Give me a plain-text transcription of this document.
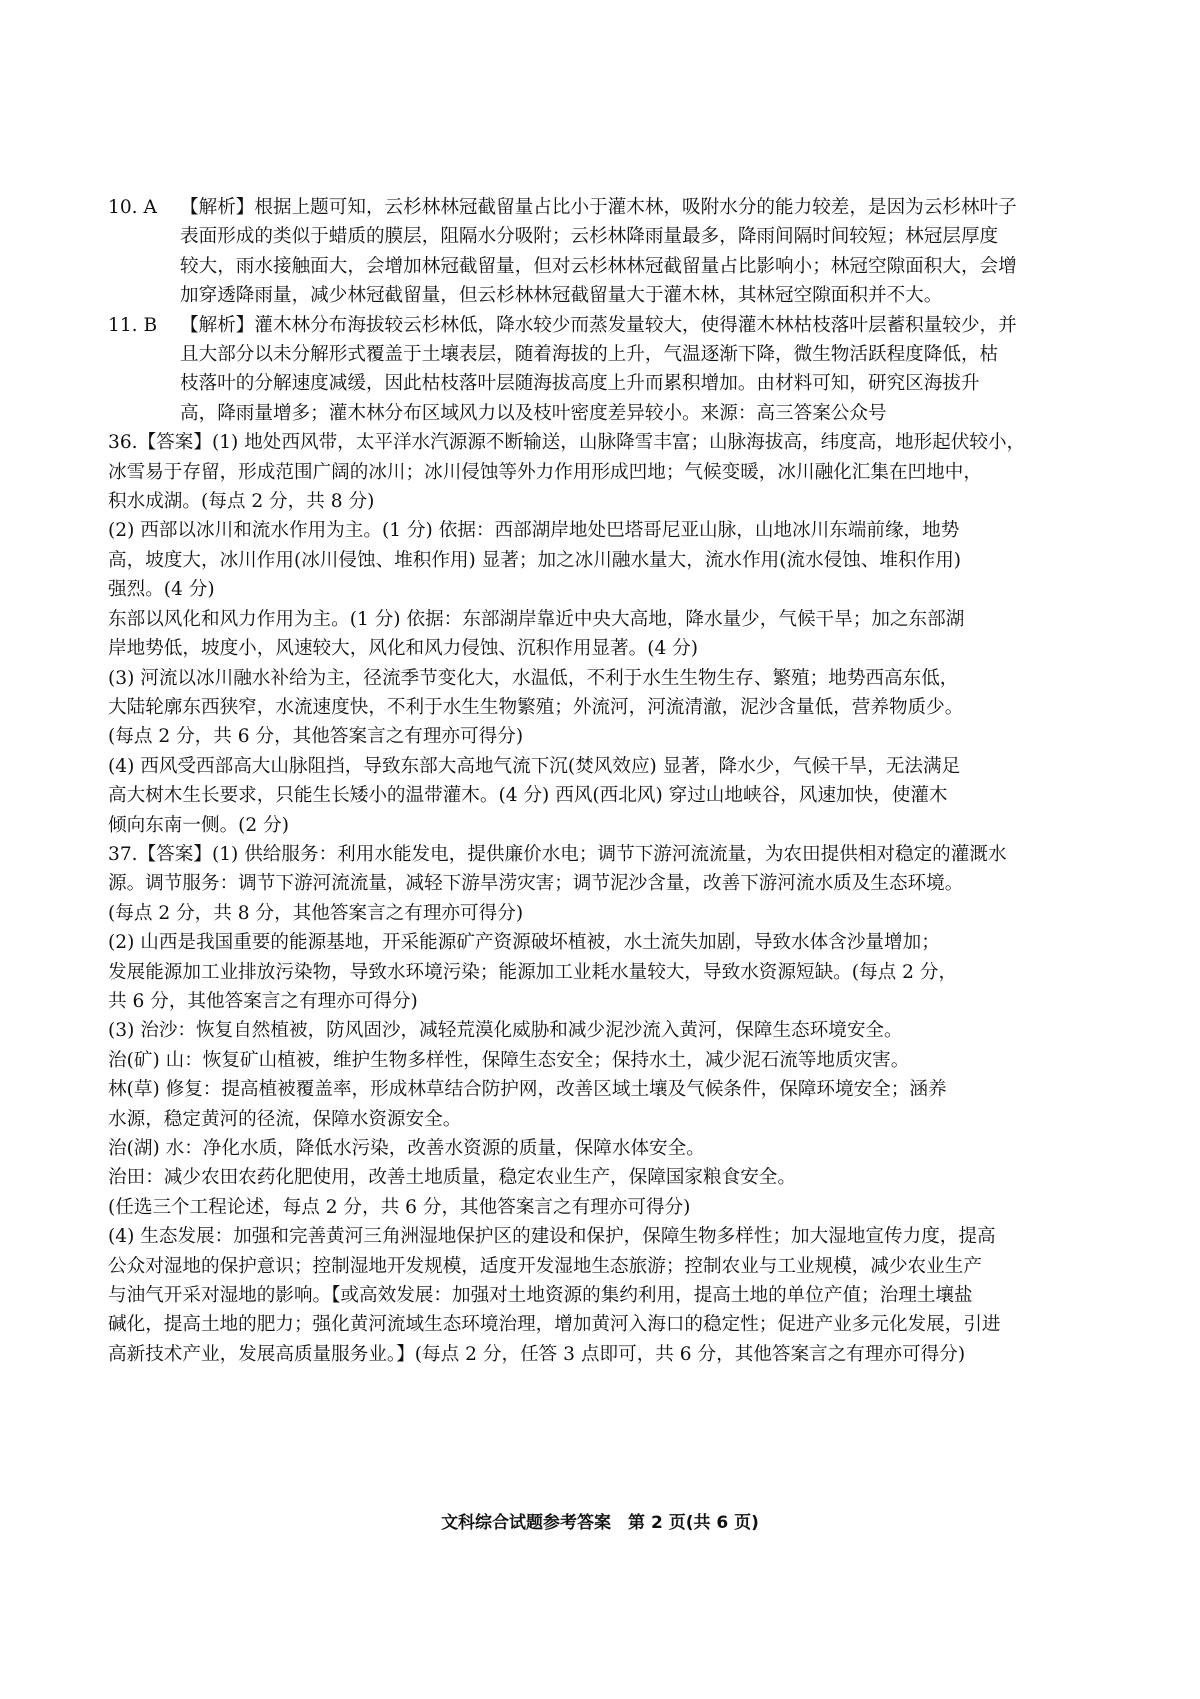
10. A 【解析】根据上题可知，云杉林林冠截留量占比小于灌木林，吸附水分的能力较差，是因为云杉林叶子
表面形成的类似于蜡质的膜层，阻隔水分吸附；云杉林降雨量最多，降雨间隔时间较短；林冠层厚度
较大，雨水接触面大，会增加林冠截留量，但对云杉林林冠截留量占比影响小；林冠空隙面积大，会增
加穿透降雨量，减少林冠截留量，但云杉林林冠截留量大于灌木林，其林冠空隙面积并不大。
11. B 【解析】灌木林分布海拔较云杉林低，降水较少而蒸发量较大，使得灌木林枯枝落叶层蓄积量较少，并
且大部分以未分解形式覆盖于土壤表层，随着海拔的上升，气温逐渐下降，微生物活跃程度降低，枯
枝落叶的分解速度减缓，因此枯枝落叶层随海拔高度上升而累积增加。由材料可知，研究区海拔升
高，降雨量增多；灌木林分布区域风力以及枝叶密度差异较小。来源：高三答案公众号
36.【答案】(1) 地处西风带，太平洋水汽源源不断输送，山脉降雪丰富；山脉海拔高，纬度高，地形起伏较小，
冰雪易于存留，形成范围广阔的冰川；冰川侵蚀等外力作用形成凹地；气候变暖，冰川融化汇集在凹地中，
积水成湖。(每点 2 分，共 8 分)
(2) 西部以冰川和流水作用为主。(1 分) 依据：西部湖岸地处巴塔哥尼亚山脉，山地冰川东端前缘，地势
高，坡度大，冰川作用(冰川侵蚀、堆积作用) 显著；加之冰川融水量大，流水作用(流水侵蚀、堆积作用)
强烈。(4 分)
东部以风化和风力作用为主。(1 分) 依据：东部湖岸靠近中央大高地，降水量少，气候干旱；加之东部湖
岸地势低，坡度小，风速较大，风化和风力侵蚀、沉积作用显著。(4 分)
(3) 河流以冰川融水补给为主，径流季节变化大，水温低，不利于水生生物生存、繁殖；地势西高东低，
大陆轮廓东西狭窄，水流速度快，不利于水生生物繁殖；外流河，河流清澈，泥沙含量低，营养物质少。
(每点 2 分，共 6 分，其他答案言之有理亦可得分)
(4) 西风受西部高大山脉阻挡，导致东部大高地气流下沉(焚风效应) 显著，降水少，气候干旱，无法满足
高大树木生长要求，只能生长矮小的温带灌木。(4 分) 西风(西北风) 穿过山地峡谷，风速加快，使灌木
倾向东南一侧。(2 分)
37.【答案】(1) 供给服务：利用水能发电，提供廉价水电；调节下游河流流量，为农田提供相对稳定的灌溉水
源。调节服务：调节下游河流流量，减轻下游旱涝灾害；调节泥沙含量，改善下游河流水质及生态环境。
(每点 2 分，共 8 分，其他答案言之有理亦可得分)
(2) 山西是我国重要的能源基地，开采能源矿产资源破坏植被，水土流失加剧，导致水体含沙量增加；
发展能源加工业排放污染物，导致水环境污染；能源加工业耗水量较大，导致水资源短缺。(每点 2 分，
共 6 分，其他答案言之有理亦可得分)
(3) 治沙：恢复自然植被，防风固沙，减轻荒漠化威胁和减少泥沙流入黄河，保障生态环境安全。
治(矿) 山：恢复矿山植被，维护生物多样性，保障生态安全；保持水土，减少泥石流等地质灾害。
林(草) 修复：提高植被覆盖率，形成林草结合防护网，改善区域土壤及气候条件，保障环境安全；涵养
水源，稳定黄河的径流，保障水资源安全。
治(湖) 水：净化水质，降低水污染，改善水资源的质量，保障水体安全。
治田：减少农田农药化肥使用，改善土地质量，稳定农业生产，保障国家粮食安全。
(任选三个工程论述，每点 2 分，共 6 分，其他答案言之有理亦可得分)
(4) 生态发展：加强和完善黄河三角洲湿地保护区的建设和保护，保障生物多样性；加大湿地宣传力度，提高
公众对湿地的保护意识；控制湿地开发规模，适度开发湿地生态旅游；控制农业与工业规模，减少农业生产
与油气开采对湿地的影响。【或高效发展：加强对土地资源的集约利用，提高土地的单位产值；治理土壤盐
碱化，提高土地的肥力；强化黄河流域生态环境治理，增加黄河入海口的稳定性；促进产业多元化发展，引进
高新技术产业，发展高质量服务业。】(每点 2 分，任答 3 点即可，共 6 分，其他答案言之有理亦可得分)
文科综合试题参考答案　第 2 页(共 6 页)
